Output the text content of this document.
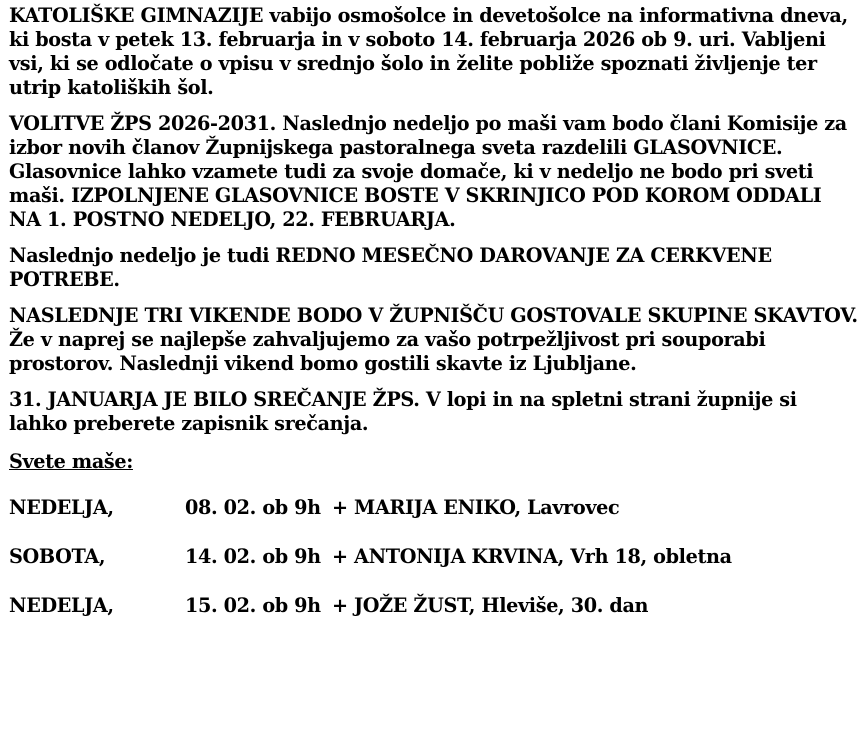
KATOLIŠKE GIMNAZIJE vabijo osmošolce in devetošolce na informativna dneva, ki bosta v petek 13. februarja in v soboto 14. februarja 2026 ob 9. uri. Vabljeni vsi, ki se odločate o vpisu v srednjo šolo in želite pobliže spoznati življenje ter utrip katoliških šol.

VOLITVE ŽPS 2026-2031. Naslednjo nedeljo po maši vam bodo člani Komisije za izbor novih članov Župnijskega pastoralnega sveta razdelili GLASOVNICE. Glasovnice lahko vzamete tudi za svoje domače, ki v nedeljo ne bodo pri sveti maši. IZPOLNJENE GLASOVNICE BOSTE V SKRINJICO POD KOROM ODDALI NA 1. POSTNO NEDELJO, 22. FEBRUARJA.

Naslednjo nedeljo je tudi REDNO MESEČNO DAROVANJE ZA CERKVENE POTREBE.

NASLEDNJE TRI VIKENDE BODO V ŽUPNIŠČU GOSTOVALE SKUPINE SKAVTOV. Že v naprej se najlepše zahvaljujemo za vašo potrpežljivost pri souporabi prostorov. Naslednji vikend bomo gostili skavte iz Ljubljane.

31. JANUARJA JE BILO SREČANJE ŽPS. V lopi in na spletni strani župnije si lahko preberete zapisnik srečanja.

Svete maše:
NEDELJA,	08. 02. ob 9h + MARIJA ENIKO, Lavrovec
SOBOTA,	14. 02. ob 9h + ANTONIJA KRVINA, Vrh 18, obletna
NEDELJA,	15. 02. ob 9h + JOŽE ŽUST, Hleviše, 30. dan
